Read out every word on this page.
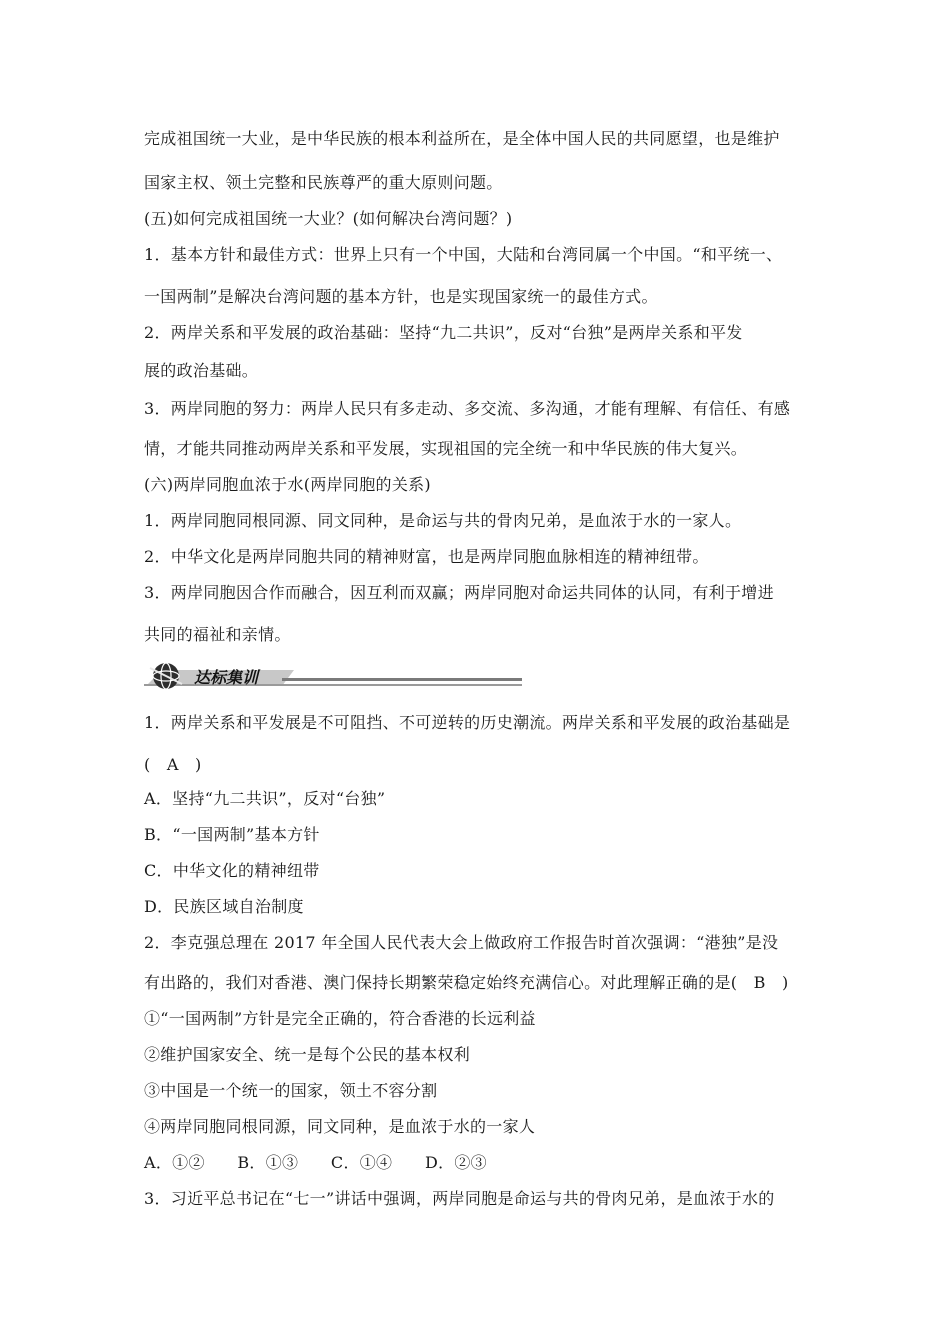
完成祖国统一大业，是中华民族的根本利益所在，是全体中国人民的共同愿望，也是维护
国家主权、领土完整和民族尊严的重大原则问题。
(五)如何完成祖国统一大业？(如何解决台湾问题？)
1．基本方针和最佳方式：世界上只有一个中国，大陆和台湾同属一个中国。“和平统一、
一国两制”是解决台湾问题的基本方针，也是实现国家统一的最佳方式。
2．两岸关系和平发展的政治基础：坚持“九二共识”，反对“台独”是两岸关系和平发
展的政治基础。
3．两岸同胞的努力：两岸人民只有多走动、多交流、多沟通，才能有理解、有信任、有感
情，才能共同推动两岸关系和平发展，实现祖国的完全统一和中华民族的伟大复兴。
(六)两岸同胞血浓于水(两岸同胞的关系)
1．两岸同胞同根同源、同文同种，是命运与共的骨肉兄弟，是血浓于水的一家人。
2．中华文化是两岸同胞共同的精神财富，也是两岸同胞血脉相连的精神纽带。
3．两岸同胞因合作而融合，因互利而双赢；两岸同胞对命运共同体的认同，有利于增进
共同的福祉和亲情。
达标集训
1．两岸关系和平发展是不可阻挡、不可逆转的历史潮流。两岸关系和平发展的政治基础是
(　A　)
A．坚持“九二共识”，反对“台独”
B．“一国两制”基本方针
C．中华文化的精神纽带
D．民族区域自治制度
2．李克强总理在 2017 年全国人民代表大会上做政府工作报告时首次强调：“港独”是没
有出路的，我们对香港、澳门保持长期繁荣稳定始终充满信心。对此理解正确的是(　B　)
①“一国两制”方针是完全正确的，符合香港的长远利益
②维护国家安全、统一是每个公民的基本权利
③中国是一个统一的国家，领土不容分割
④两岸同胞同根同源，同文同种，是血浓于水的一家人
A．①②　　B．①③　　C．①④　　D．②③
3．习近平总书记在“七一”讲话中强调，两岸同胞是命运与共的骨肉兄弟，是血浓于水的
